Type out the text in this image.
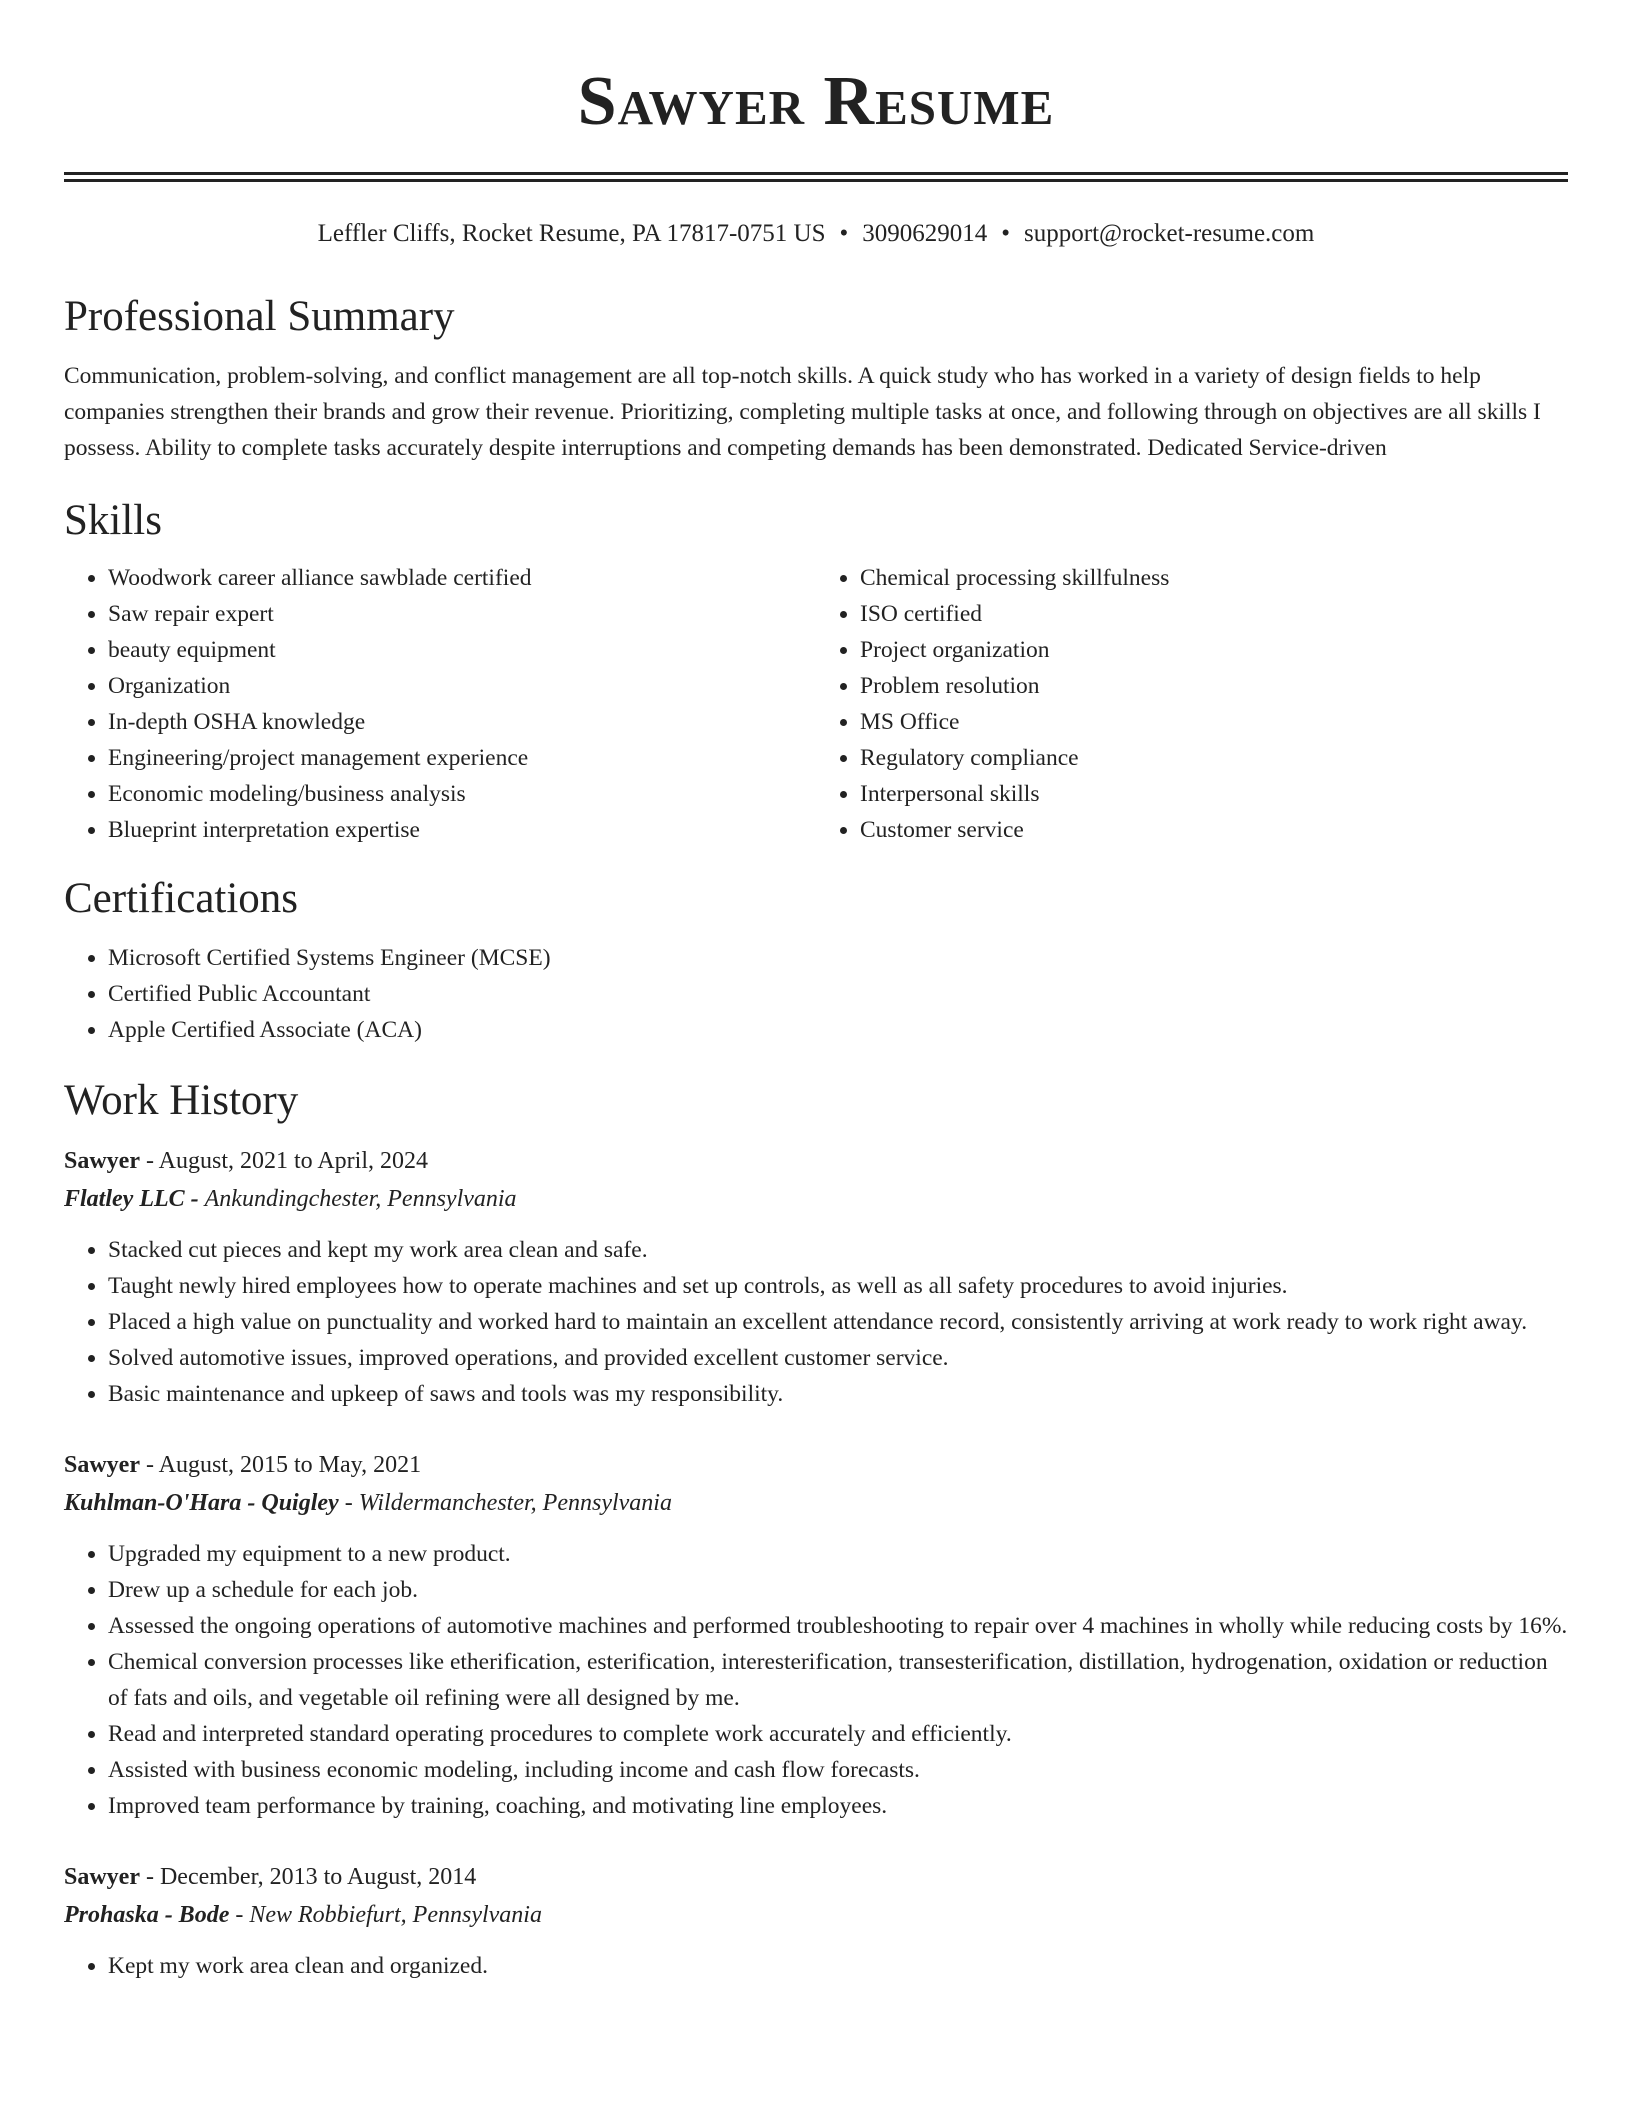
Sawyer Resume
Leffler Cliffs, Rocket Resume, PA 17817-0751 US • 3090629014 • support@rocket-resume.com
Professional Summary
Communication, problem-solving, and conflict management are all top-notch skills. A quick study who has worked in a variety of design fields to help companies strengthen their brands and grow their revenue. Prioritizing, completing multiple tasks at once, and following through on objectives are all skills I possess. Ability to complete tasks accurately despite interruptions and competing demands has been demonstrated. Dedicated Service-driven
Skills
• Woodwork career alliance sawblade certified
• Saw repair expert
• beauty equipment
• Organization
• In-depth OSHA knowledge
• Engineering/project management experience
• Economic modeling/business analysis
• Blueprint interpretation expertise
• Chemical processing skillfulness
• ISO certified
• Project organization
• Problem resolution
• MS Office
• Regulatory compliance
• Interpersonal skills
• Customer service
Certifications
• Microsoft Certified Systems Engineer (MCSE)
• Certified Public Accountant
• Apple Certified Associate (ACA)
Work History
Sawyer - August, 2021 to April, 2024
Flatley LLC - Ankundingchester, Pennsylvania
• Stacked cut pieces and kept my work area clean and safe.
• Taught newly hired employees how to operate machines and set up controls, as well as all safety procedures to avoid injuries.
• Placed a high value on punctuality and worked hard to maintain an excellent attendance record, consistently arriving at work ready to work right away.
• Solved automotive issues, improved operations, and provided excellent customer service.
• Basic maintenance and upkeep of saws and tools was my responsibility.
Sawyer - August, 2015 to May, 2021
Kuhlman-O'Hara - Quigley - Wildermanchester, Pennsylvania
• Upgraded my equipment to a new product.
• Drew up a schedule for each job.
• Assessed the ongoing operations of automotive machines and performed troubleshooting to repair over 4 machines in wholly while reducing costs by 16%.
• Chemical conversion processes like etherification, esterification, interesterification, transesterification, distillation, hydrogenation, oxidation or reduction of fats and oils, and vegetable oil refining were all designed by me.
• Read and interpreted standard operating procedures to complete work accurately and efficiently.
• Assisted with business economic modeling, including income and cash flow forecasts.
• Improved team performance by training, coaching, and motivating line employees.
Sawyer - December, 2013 to August, 2014
Prohaska - Bode - New Robbiefurt, Pennsylvania
• Kept my work area clean and organized.
